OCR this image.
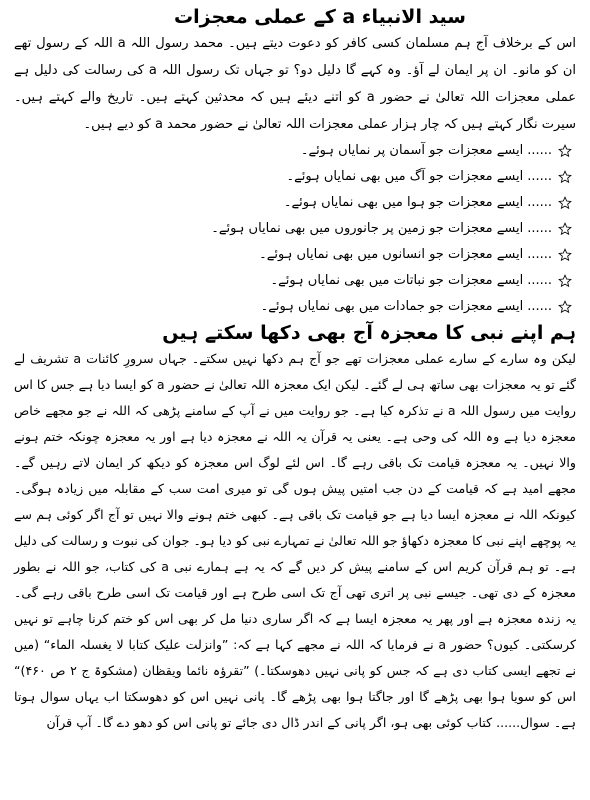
سید الانبیاء a کے عملی معجزات

اس کے برخلاف آج ہم مسلمان کسی کافر کو دعوت دیتے ہیں۔ محمد رسول اللہ a اللہ کے رسول تھے ان کو مانو۔ ان پر ایمان لے آؤ۔ وہ کہے گا دلیل دو؟ تو جہاں تک رسول اللہ a کی رسالت کی دلیل ہے عملی معجزات اللہ تعالیٰ نے حضور a کو اتنے دیئے ہیں کہ محدثین کہتے ہیں۔ تاریخ والے کہتے ہیں۔ سیرت نگار کہتے ہیں کہ چار ہزار عملی معجزات اللہ تعالیٰ نے حضور محمد a کو دیے ہیں۔

......
ایسے معجزات جو آسمان پر نمایاں ہوئے۔
......
ایسے معجزات جو آگ میں بھی نمایاں ہوئے۔
......
ایسے معجزات جو ہوا میں بھی نمایاں ہوئے۔
......
ایسے معجزات جو زمین پر جانوروں میں بھی نمایاں ہوئے۔
......
ایسے معجزات جو انسانوں میں بھی نمایاں ہوئے۔
......
ایسے معجزات جو نباتات میں بھی نمایاں ہوئے۔
......
ایسے معجزات جو جمادات میں بھی نمایاں ہوئے۔
ہم اپنے نبی کا معجزہ آج بھی دکھا سکتے ہیں

لیکن وہ سارے کے سارے عملی معجزات تھے جو آج ہم دکھا نہیں سکتے۔ جہاں سرورِ کائنات a تشریف لے گئے تو یہ معجزات بھی ساتھ ہی لے گئے۔ لیکن ایک معجزہ اللہ تعالیٰ نے حضور a کو ایسا دیا ہے جس کا اس روایت میں رسول اللہ a نے تذکرہ کیا ہے۔ جو روایت میں نے آپ کے سامنے پڑھی کہ اللہ نے جو مجھے خاص معجزہ دیا ہے وہ اللہ کی وحی ہے۔ یعنی یہ قرآن یہ اللہ نے معجزہ دیا ہے اور یہ معجزہ چونکہ ختم ہونے والا نہیں۔ یہ معجزہ قیامت تک باقی رہے گا۔ اس لئے لوگ اس معجزہ کو دیکھ کر ایمان لاتے رہیں گے۔ مجھے امید ہے کہ قیامت کے دن جب امتیں پیش ہوں گی تو میری امت سب کے مقابلہ میں زیادہ ہوگی۔ کیونکہ اللہ نے معجزہ ایسا دیا ہے جو قیامت تک باقی ہے۔ کبھی ختم ہونے والا نہیں تو آج اگر کوئی ہم سے یہ پوچھے اپنے نبی کا معجزہ دکھاؤ جو اللہ تعالیٰ نے تمہارے نبی کو دیا ہو۔ جوان کی نبوت و رسالت کی دلیل ہے۔ تو ہم قرآن کریم اس کے سامنے پیش کر دیں گے کہ یہ ہے ہمارے نبی a کی کتاب، جو اللہ نے بطور معجزہ کے دی تھی۔ جیسے نبی پر اتری تھی آج تک اسی طرح ہے اور قیامت تک اسی طرح باقی رہے گی۔ یہ زندہ معجزہ ہے اور پھر یہ معجزہ ایسا ہے کہ اگر ساری دنیا مل کر بھی اس کو ختم کرنا چاہے تو نہیں کرسکتی۔ کیوں؟ حضور a نے فرمایا کہ اللہ نے مجھے کہا ہے کہ: ”وانزلت علیک کتابا لا یغسلہ الماء“ (میں نے تجھے ایسی کتاب دی ہے کہ جس کو پانی نہیں دھوسکتا۔) ”تقرؤہ نائما ویقظان (مشکوۃ ج ۲ ص ۴۶۰)“ اس کو سویا ہوا بھی پڑھے گا اور جاگتا ہوا بھی پڑھے گا۔ پانی نہیں اس کو دھوسکتا اب یہاں سوال ہوتا ہے۔ سوال...... کتاب کوئی بھی ہو، اگر پانی کے اندر ڈال دی جائے تو پانی اس کو دھو دے گا۔ آپ قرآن
